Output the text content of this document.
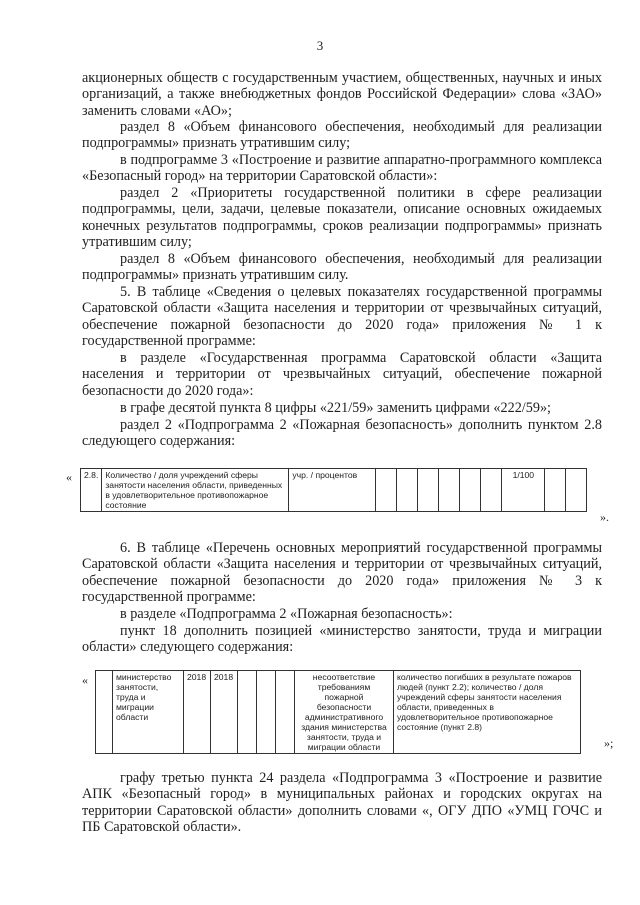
3

акционерных обществ с государственным участием, общественных, научных и иных организаций, а также внебюджетных фондов Российской Федерации» слова «ЗАО» заменить словами «АО»;

раздел 8 «Объем финансового обеспечения, необходимый для реализации подпрограммы» признать утратившим силу;

в подпрограмме 3 «Построение и развитие аппаратно-программного комплекса «Безопасный город» на территории Саратовской области»:

раздел 2 «Приоритеты государственной политики в сфере реализации подпрограммы, цели, задачи, целевые показатели, описание основных ожидаемых конечных результатов подпрограммы, сроков реализации подпрограммы» признать утратившим силу;

раздел 8 «Объем финансового обеспечения, необходимый для реализации подпрограммы» признать утратившим силу.

5. В таблице «Сведения о целевых показателях государственной программы Саратовской области «Защита населения и территории от чрезвычайных ситуаций, обеспечение пожарной безопасности до 2020 года» приложения № 1 к государственной программе:

в разделе «Государственная программа Саратовской области «Защита населения и территории от чрезвычайных ситуаций, обеспечение пожарной безопасности до 2020 года»:

в графе десятой пункта 8 цифры «221/59» заменить цифрами «222/59»;

раздел 2 «Подпрограмма 2 «Пожарная безопасность» дополнить пунктом 2.8 следующего содержания:

« 2.8.	Количество / доля учреждений сферы занятости населения области, приведенных в удовлетворительное противопожарное состояние	учр. / процентов							1/100		
».

6. В таблице «Перечень основных мероприятий государственной программы Саратовской области «Защита населения и территории от чрезвычайных ситуаций, обеспечение пожарной безопасности до 2020 года» приложения № 3 к государственной программе:

в разделе «Подпрограмма 2 «Пожарная безопасность»:

пункт 18 дополнить позицией «министерство занятости, труда и миграции области» следующего содержания:

«
		министерство занятости, труда и миграции области	2018	2018				несоответствие требованиям пожарной безопасности административного здания министерства занятости, труда и миграции области	количество погибших в результате пожаров людей (пункт 2.2); количество / доля учреждений сферы занятости населения области, приведенных в удовлетворительное противопожарное состояние (пункт 2.8)
»;

графу третью пункта 24 раздела «Подпрограмма 3 «Построение и развитие АПК «Безопасный город» в муниципальных районах и городских округах на территории Саратовской области» дополнить словами «, ОГУ ДПО «УМЦ ГОЧС и ПБ Саратовской области».
